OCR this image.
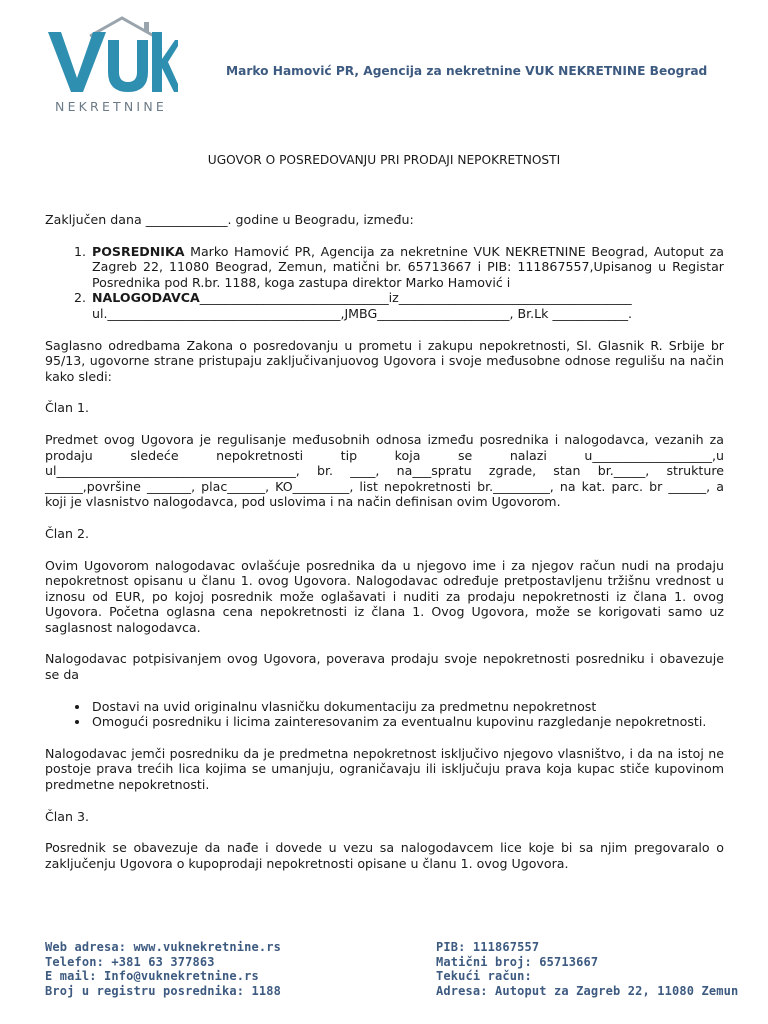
NEKRETNINE
Marko Hamović PR, Agencija za nekretnine VUK NEKRETNINE Beograd
UGOVOR O POSREDOVANJU PRI PRODAJI NEPOKRETNOSTI

Zaključen dana _____________. godine u Beogradu, između:

1. POSREDNIKA Marko Hamović PR, Agencija za nekretnine VUK NEKRETNINE Beograd, Autoput za Zagreb 22, 11080 Beograd, Zemun, matični br. 65713667 i PIB: 111867557,Upisanog u Registar Posrednika pod R.br. 1188, koga zastupa direktor Marko Hamović i
2. NALOGODAVCA______________________________iz_____________________________________ ul._____________________________________,JMBG_____________________, Br.Lk ____________.

Saglasno odredbama Zakona o posredovanju u prometu i zakupu nepokretnosti, Sl. Glasnik R. Srbije br 95/13, ugovorne strane pristupaju zaključivanjuovog Ugovora i svoje međusobne odnose regulišu na način kako sledi:

Član 1.

Predmet ovog Ugovora je regulisanje međusobnih odnosa između posrednika i nalogodavca, vezanih za prodaju sledeće nepokretnosti tip koja se nalazi u___________________,u ul______________________________________, br. ____, na___spratu zgrade, stan br._____, strukture ______,površine _______, plac______, KO_________, list nepokretnosti br._________, na kat. parc. br ______, a koji je vlasnistvo nalogodavca, pod uslovima i na način definisan ovim Ugovorom.

Član 2.

Ovim Ugovorom nalogodavac ovlašćuje posrednika da u njegovo ime i za njegov račun nudi na prodaju nepokretnost opisanu u članu 1. ovog Ugovora. Nalogodavac određuje pretpostavljenu tržišnu vrednost u iznosu od EUR, po kojoj posrednik može oglašavati i nuditi za prodaju nepokretnosti iz člana 1. ovog Ugovora. Početna oglasna cena nepokretnosti iz člana 1. Ovog Ugovora, može se korigovati samo uz saglasnost nalogodavca.

Nalogodavac potpisivanjem ovog Ugovora, poverava prodaju svoje nepokretnosti posredniku i obavezuje se da

• Dostavi na uvid originalnu vlasničku dokumentaciju za predmetnu nepokretnost
• Omogući posredniku i licima zainteresovanim za eventualnu kupovinu razgledanje nepokretnosti.

Nalogodavac jemči posredniku da je predmetna nepokretnost isključivo njegovo vlasništvo, i da na istoj ne postoje prava trećih lica kojima se umanjuju, ograničavaju ili isključuju prava koja kupac stiče kupovinom predmetne nepokretnosti.

Član 3.

Posrednik se obavezuje da nađe i dovede u vezu sa nalogodavcem lice koje bi sa njim pregovaralo o zaključenju Ugovora o kupoprodaji nepokretnosti opisane u članu 1. ovog Ugovora.

Web adresa: www.vuknekretnine.rs
Telefon: +381 63 377863
E mail: Info@vuknekretnine.rs
Broj u registru posrednika: 1188
PIB: 111867557
Matični broj: 65713667
Tekući račun:
Adresa: Autoput za Zagreb 22, 11080 Zemun
